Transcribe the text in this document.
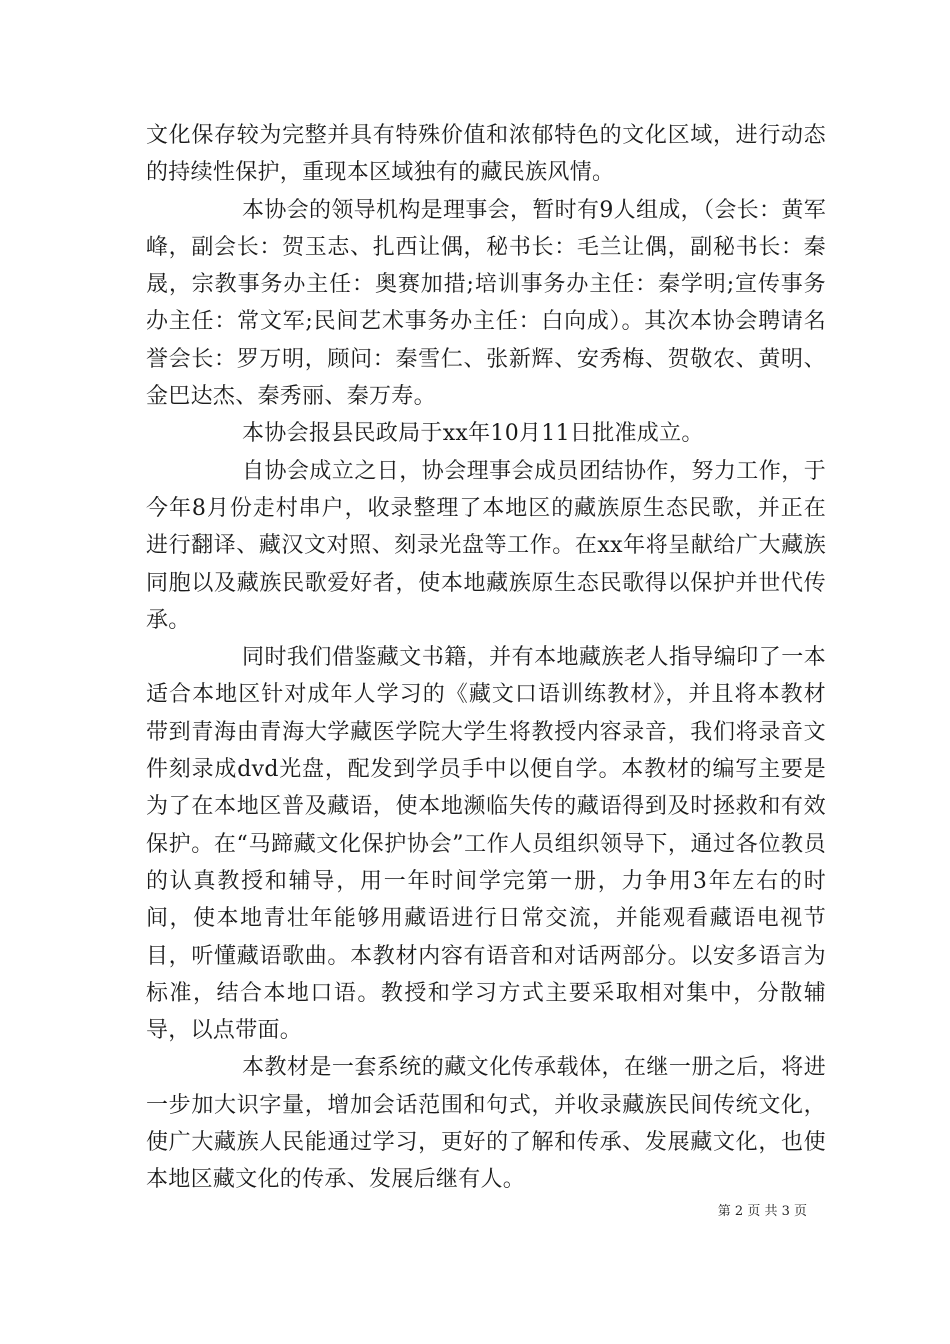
文化保存较为完整并具有特殊价值和浓郁特色的文化区域，进行动态的持续性保护，重现本区域独有的藏民族风情。

本协会的领导机构是理事会，暂时有9人组成，（会长：黄军峰，副会长：贺玉志、扎西让偶，秘书长：毛兰让偶，副秘书长：秦晟，宗教事务办主任：奥赛加措;培训事务办主任：秦学明;宣传事务办主任：常文军;民间艺术事务办主任：白向成）。其次本协会聘请名誉会长：罗万明，顾问：秦雪仁、张新辉、安秀梅、贺敬农、黄明、金巴达杰、秦秀丽、秦万寿。

本协会报县民政局于xx年10月11日批准成立。

自协会成立之日，协会理事会成员团结协作，努力工作，于今年8月份走村串户，收录整理了本地区的藏族原生态民歌，并正在进行翻译、藏汉文对照、刻录光盘等工作。在xx年将呈献给广大藏族同胞以及藏族民歌爱好者，使本地藏族原生态民歌得以保护并世代传承。

同时我们借鉴藏文书籍，并有本地藏族老人指导编印了一本适合本地区针对成年人学习的《藏文口语训练教材》，并且将本教材带到青海由青海大学藏医学院大学生将教授内容录音，我们将录音文件刻录成dvd光盘，配发到学员手中以便自学。本教材的编写主要是为了在本地区普及藏语，使本地濒临失传的藏语得到及时拯救和有效保护。在“马蹄藏文化保护协会”工作人员组织领导下，通过各位教员的认真教授和辅导，用一年时间学完第一册，力争用3年左右的时间，使本地青壮年能够用藏语进行日常交流，并能观看藏语电视节目，听懂藏语歌曲。本教材内容有语音和对话两部分。以安多语言为标准，结合本地口语。教授和学习方式主要采取相对集中，分散辅导，以点带面。

本教材是一套系统的藏文化传承载体，在继一册之后，将进一步加大识字量，增加会话范围和句式，并收录藏族民间传统文化，使广大藏族人民能通过学习，更好的了解和传承、发展藏文化，也使本地区藏文化的传承、发展后继有人。

第 2 页 共 3 页
